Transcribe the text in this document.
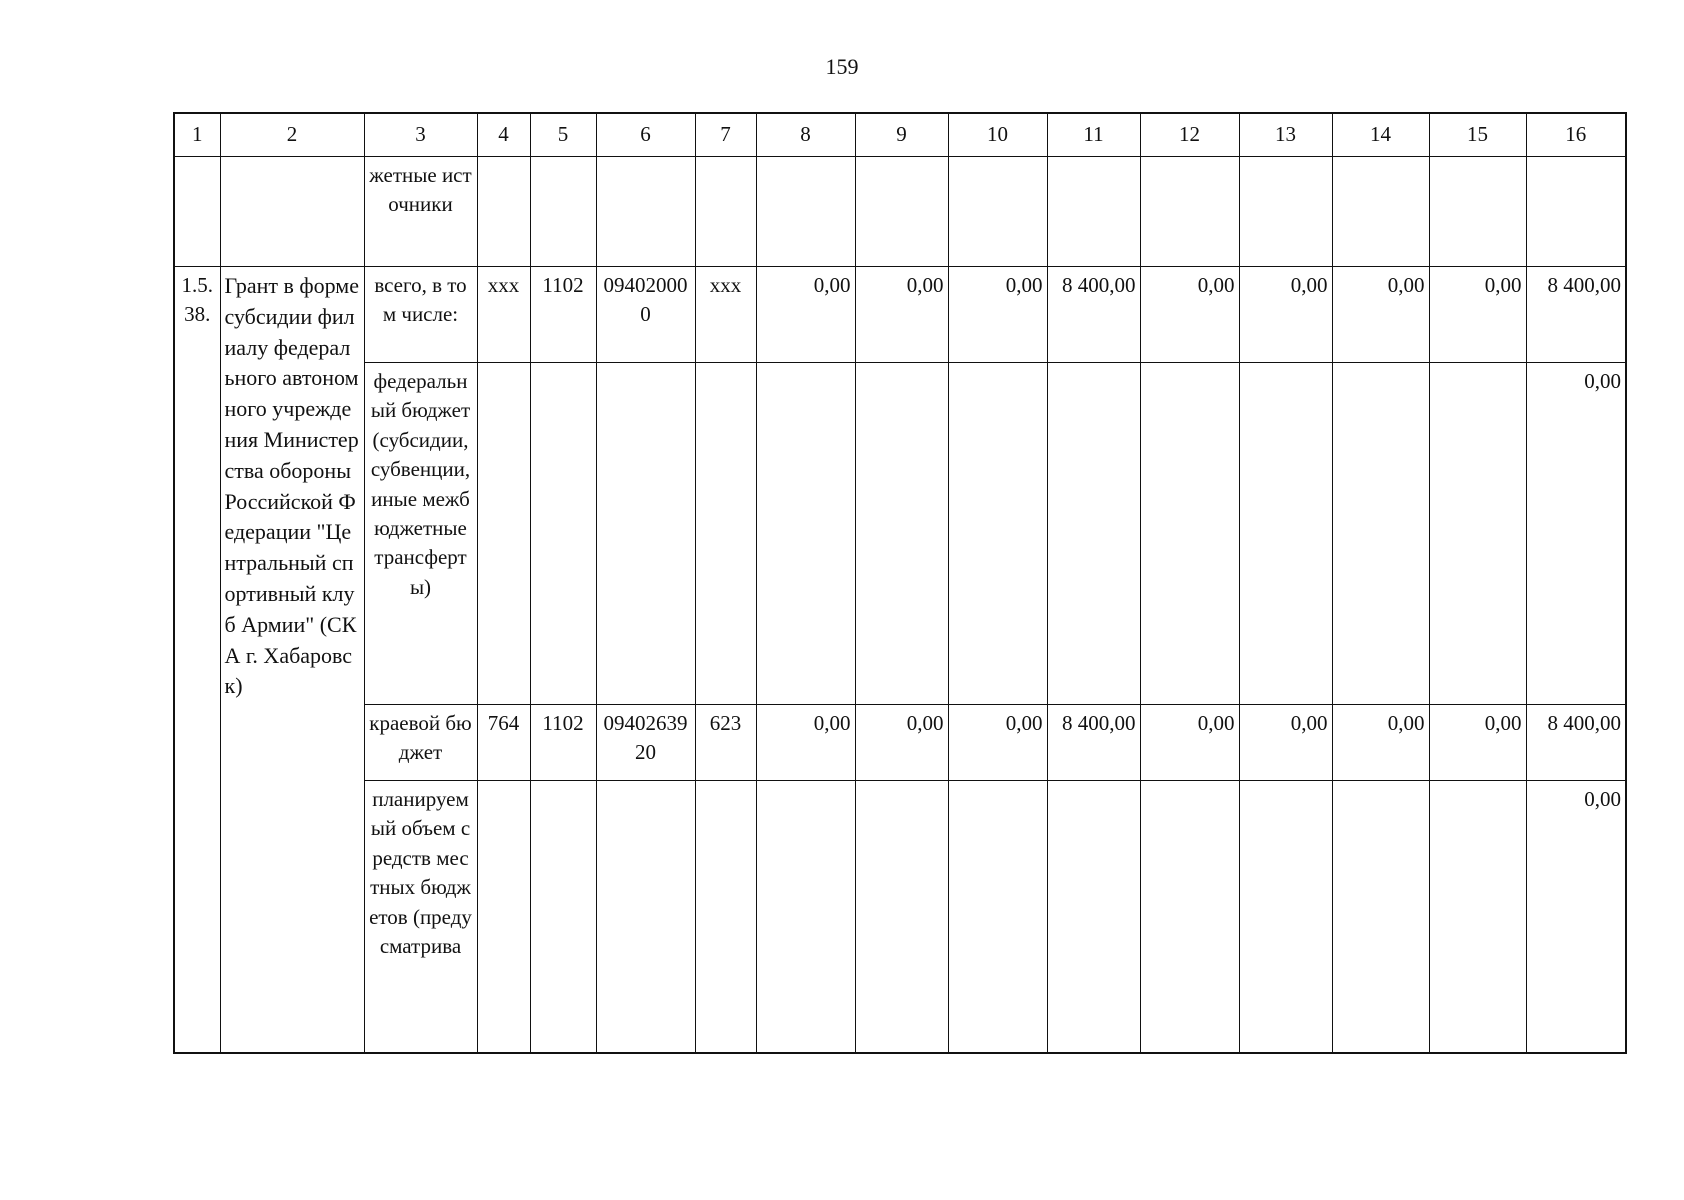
159
1	2	3	4	5	6	7	8	9	10	11	12	13	14	15	16
		жетные источники													
1.5.38.	Грант в форме субсидии филиалу федерального автономного учреждения Министерства обороны Российской Федерации "Центральный спортивный клуб Армии" (СКА г. Хабаровск)	всего, в том числе:	xxx	1102	094020000	xxx	0,00	0,00	0,00	8 400,00	0,00	0,00	0,00	0,00	8 400,00
		федеральный бюджет (субсидии, субвенции, иные межбюджетные трансферты)													0,00
		краевой бюджет	764	1102	0940263920	623	0,00	0,00	0,00	8 400,00	0,00	0,00	0,00	0,00	8 400,00
		планируемый объем средств местных бюджетов (предусматрива													0,00
